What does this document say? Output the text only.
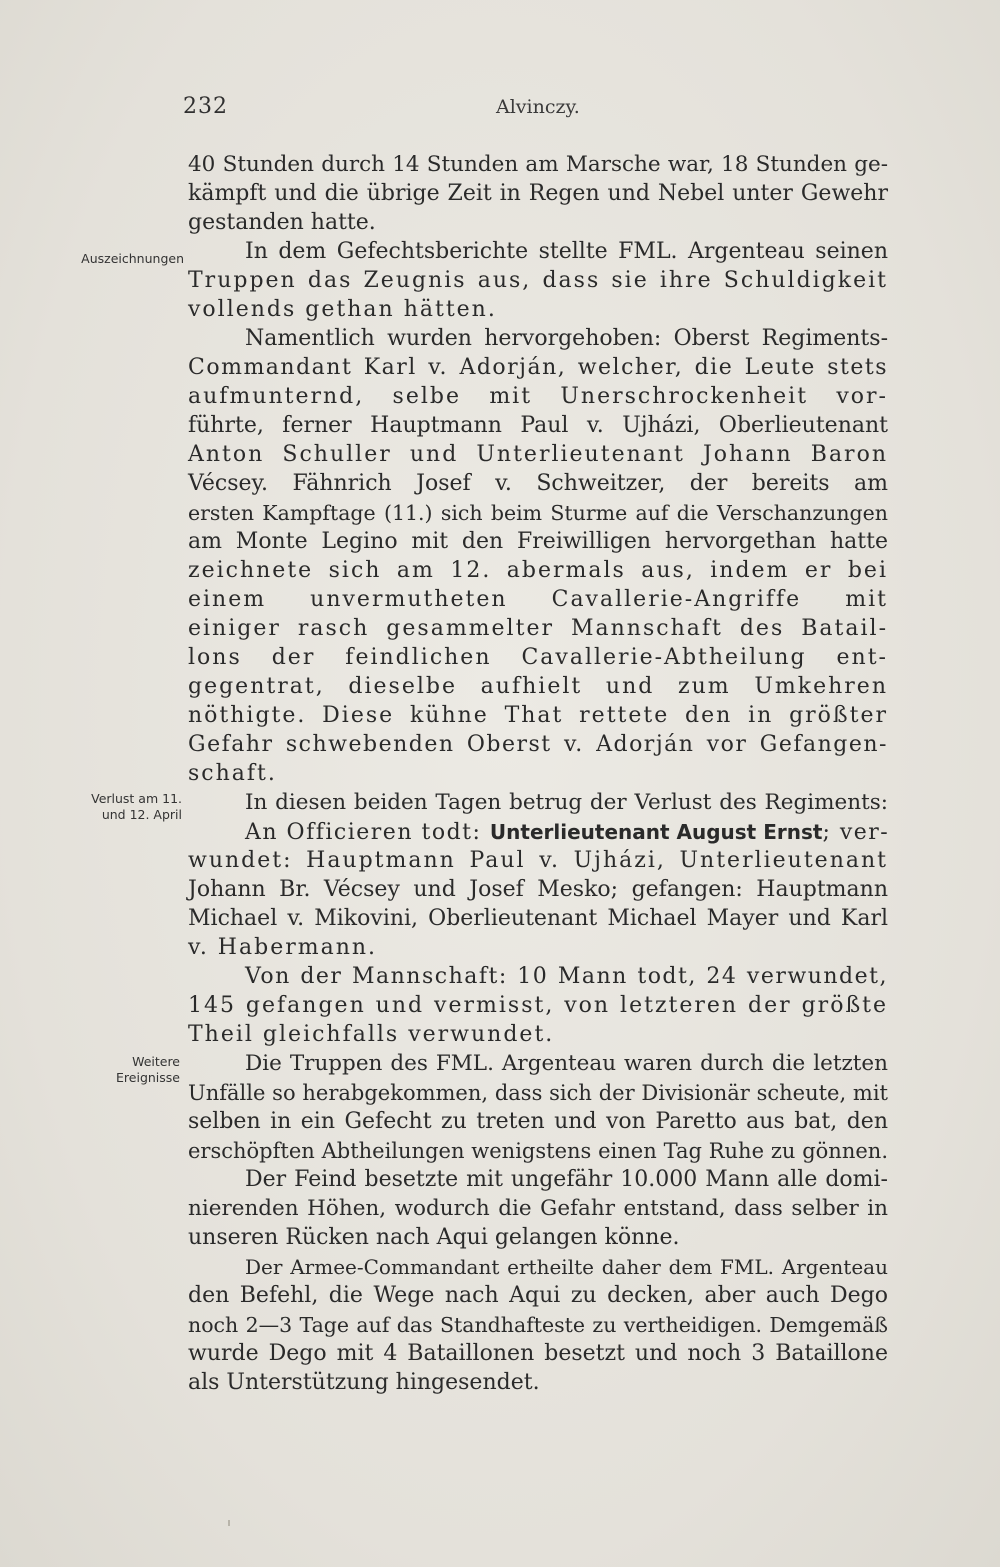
232	Alvinczy.
Auszeichnungen
Verlust am 11.
und 12. April
Weitere
Ereignisse
40 Stunden durch 14 Stunden am Marsche war, 18 Stunden ge-
kämpft und die übrige Zeit in Regen und Nebel unter Gewehr
gestanden hatte.
In dem Gefechtsberichte stellte FML. Argenteau seinen
Truppen das Zeugnis aus, dass sie ihre Schuldigkeit
vollends gethan hätten.
Namentlich wurden hervorgehoben: Oberst Regiments-
Commandant Karl v. Adorján, welcher, die Leute stets
aufmunternd, selbe mit Unerschrockenheit vor-
führte, ferner Hauptmann Paul v. Ujházi, Oberlieutenant
Anton Schuller und Unterlieutenant Johann Baron
Vécsey. Fähnrich Josef v. Schweitzer, der bereits am
ersten Kampftage (11.) sich beim Sturme auf die Verschanzungen
am Monte Legino mit den Freiwilligen hervorgethan hatte
zeichnete sich am 12. abermals aus, indem er bei
einem unvermutheten Cavallerie-Angriffe mit
einiger rasch gesammelter Mannschaft des Batail-
lons der feindlichen Cavallerie-Abtheilung ent-
gegentrat, dieselbe aufhielt und zum Umkehren
nöthigte. Diese kühne That rettete den in größter
Gefahr schwebenden Oberst v. Adorján vor Gefangen-
schaft.
In diesen beiden Tagen betrug der Verlust des Regiments:
An Officieren todt: Unterlieutenant August Ernst; ver-
wundet: Hauptmann Paul v. Ujházi, Unterlieutenant
Johann Br. Vécsey und Josef Mesko; gefangen: Hauptmann
Michael v. Mikovini, Oberlieutenant Michael Mayer und Karl
v. Habermann.
Von der Mannschaft: 10 Mann todt, 24 verwundet,
145 gefangen und vermisst, von letzteren der größte
Theil gleichfalls verwundet.
Die Truppen des FML. Argenteau waren durch die letzten
Unfälle so herabgekommen, dass sich der Divisionär scheute, mit
selben in ein Gefecht zu treten und von Paretto aus bat, den
erschöpften Abtheilungen wenigstens einen Tag Ruhe zu gönnen.
Der Feind besetzte mit ungefähr 10.000 Mann alle domi-
nierenden Höhen, wodurch die Gefahr entstand, dass selber in
unseren Rücken nach Aqui gelangen könne.
Der Armee-Commandant ertheilte daher dem FML. Argenteau
den Befehl, die Wege nach Aqui zu decken, aber auch Dego
noch 2—3 Tage auf das Standhafteste zu vertheidigen. Demgemäß
wurde Dego mit 4 Bataillonen besetzt und noch 3 Bataillone
als Unterstützung hingesendet.
